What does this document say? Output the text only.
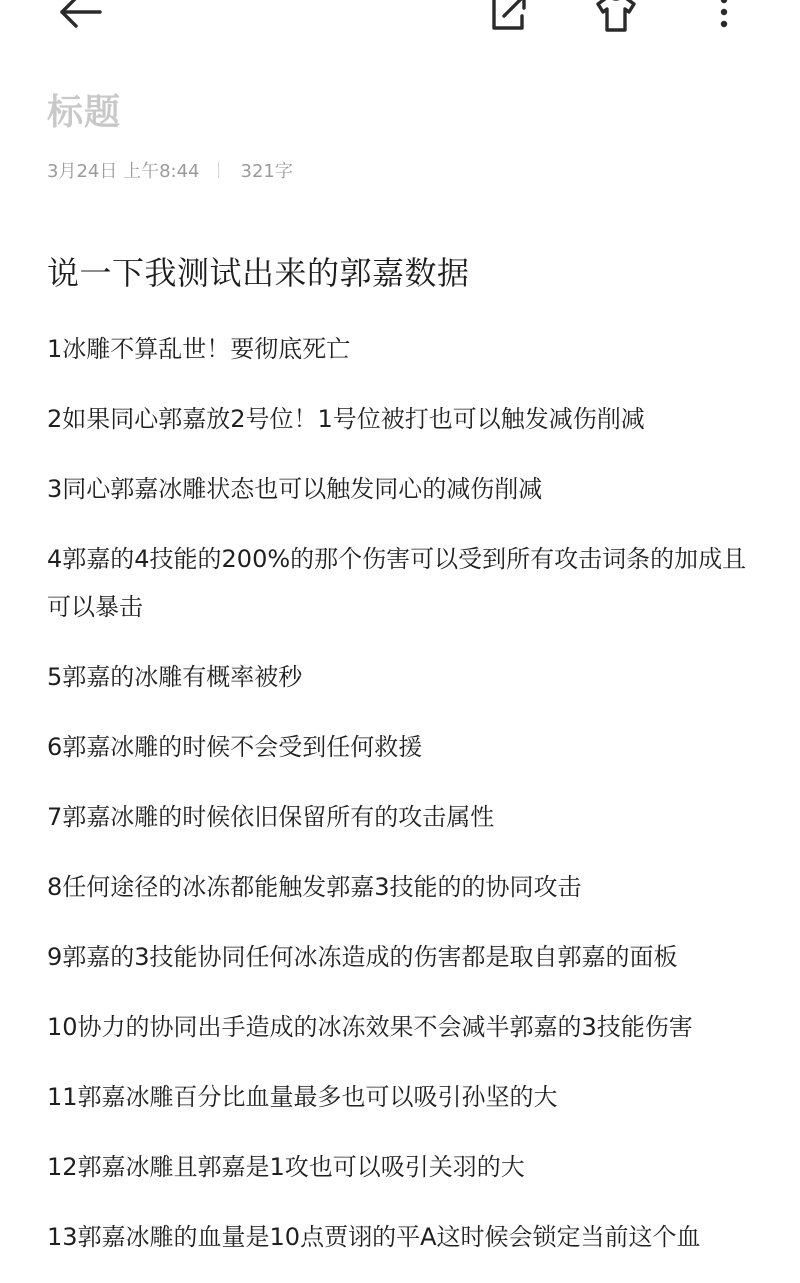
标题
3月24日 上午8:44 321字
说一下我测试出来的郭嘉数据

1冰雕不算乱世！要彻底死亡

2如果同心郭嘉放2号位！1号位被打也可以触发减伤削减

3同心郭嘉冰雕状态也可以触发同心的减伤削减

4郭嘉的4技能的200%的那个伤害可以受到所有攻击词条的加成且可以暴击

5郭嘉的冰雕有概率被秒

6郭嘉冰雕的时候不会受到任何救援

7郭嘉冰雕的时候依旧保留所有的攻击属性

8任何途径的冰冻都能触发郭嘉3技能的的协同攻击

9郭嘉的3技能协同任何冰冻造成的伤害都是取自郭嘉的面板

10协力的协同出手造成的冰冻效果不会减半郭嘉的3技能伤害

11郭嘉冰雕百分比血量最多也可以吸引孙坚的大

12郭嘉冰雕且郭嘉是1攻也可以吸引关羽的大

13郭嘉冰雕的血量是10点贾诩的平A这时候会锁定当前这个血
